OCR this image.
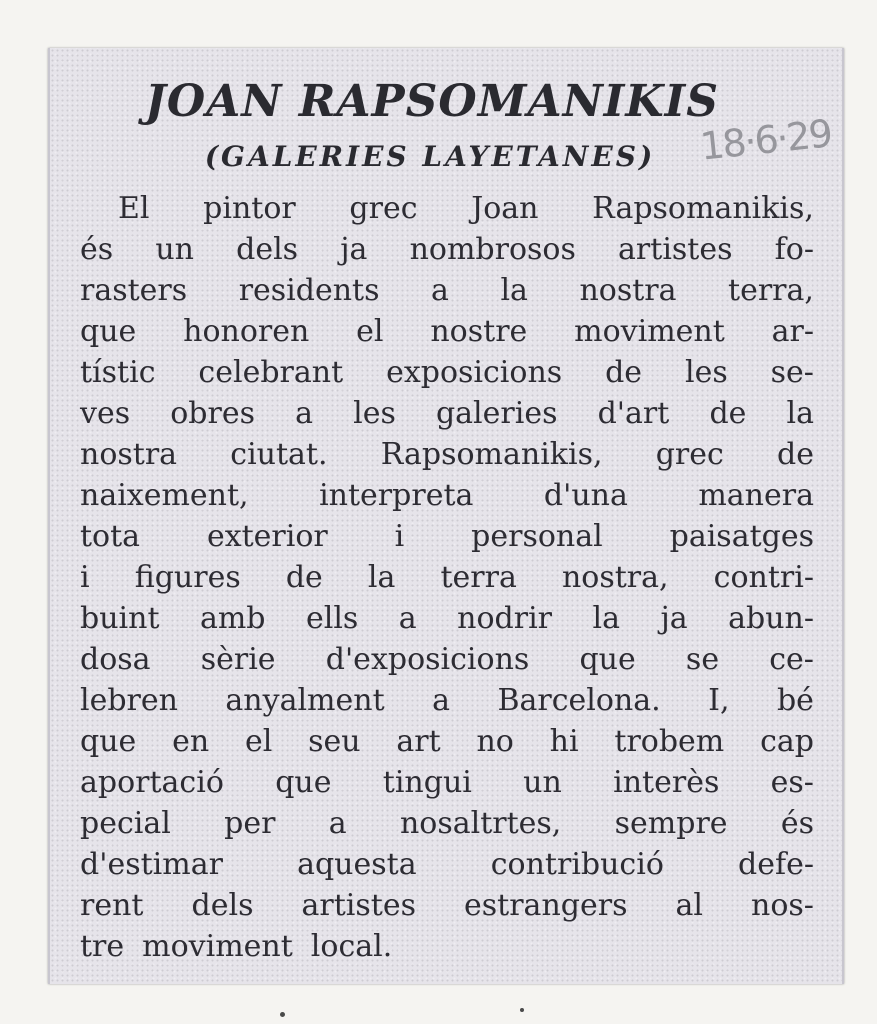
JOAN RAPSOMANIKIS
(GALERIES LAYETANES)	18·6·29
El pintor grec Joan Rapsomanikis,
és un dels ja nombrosos artistes fo-
rasters residents a la nostra terra,
que honoren el nostre moviment ar-
tístic celebrant exposicions de les se-
ves obres a les galeries d'art de la
nostra ciutat. Rapsomanikis, grec de
naixement, interpreta d'una manera
tota exterior i personal paisatges
i figures de la terra nostra, contri-
buint amb ells a nodrir la ja abun-
dosa sèrie d'exposicions que se ce-
lebren anyalment a Barcelona. I, bé
que en el seu art no hi trobem cap
aportació que tingui un interès es-
pecial per a nosaltrtes, sempre és
d'estimar aquesta contribució defe-
rent dels artistes estrangers al nos-
tre moviment local.
